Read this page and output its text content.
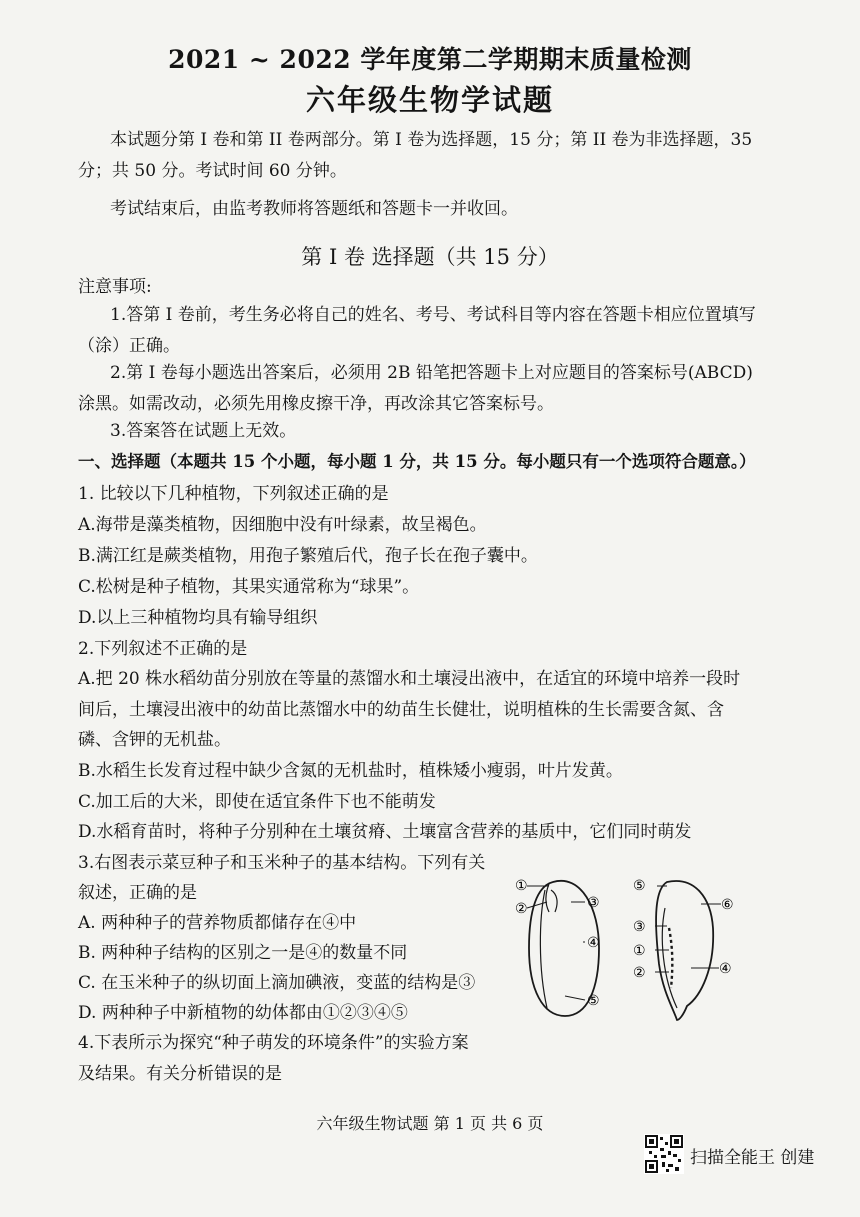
2021 ~ 2022 学年度第二学期期末质量检测
六年级生物学试题
本试题分第 I 卷和第 II 卷两部分。第 I 卷为选择题，15 分；第 II 卷为非选择题，35 分；共 50 分。考试时间 60 分钟。
考试结束后，由监考教师将答题纸和答题卡一并收回。
第 I 卷 选择题（共 15 分）
注意事项:
1.答第 I 卷前，考生务必将自己的姓名、考号、考试科目等内容在答题卡相应位置填写（涂）正确。
2.第 I 卷每小题选出答案后，必须用 2B 铅笔把答题卡上对应题目的答案标号(ABCD)涂黑。如需改动，必须先用橡皮擦干净，再改涂其它答案标号。
3.答案答在试题上无效。
一、选择题（本题共 15 个小题，每小题 1 分，共 15 分。每小题只有一个选项符合题意。）
1. 比较以下几种植物，下列叙述正确的是
A.海带是藻类植物，因细胞中没有叶绿素，故呈褐色。
B.满江红是蕨类植物，用孢子繁殖后代，孢子长在孢子囊中。
C.松树是种子植物，其果实通常称为“球果”。
D.以上三种植物均具有输导组织
2.下列叙述不正确的是
A.把 20 株水稻幼苗分别放在等量的蒸馏水和土壤浸出液中，在适宜的环境中培养一段时
间后，土壤浸出液中的幼苗比蒸馏水中的幼苗生长健壮，说明植株的生长需要含氮、含
磷、含钾的无机盐。
B.水稻生长发育过程中缺少含氮的无机盐时，植株矮小瘦弱，叶片发黄。
C.加工后的大米，即使在适宜条件下也不能萌发
D.水稻育苗时，将种子分别种在土壤贫瘠、土壤富含营养的基质中，它们同时萌发
3.右图表示菜豆种子和玉米种子的基本结构。下列有关
叙述，正确的是
A. 两种种子的营养物质都储存在④中
B. 两种种子结构的区别之一是④的数量不同
C. 在玉米种子的纵切面上滴加碘液，变蓝的结构是③
D. 两种种子中新植物的幼体都由①②③④⑤
4.下表所示为探究“种子萌发的环境条件”的实验方案
及结果。有关分析错误的是
①
②	③
④
⑤
⑤
⑥
③
①
②	④
六年级生物试题 第 1 页 共 6 页
扫描全能王 创建
